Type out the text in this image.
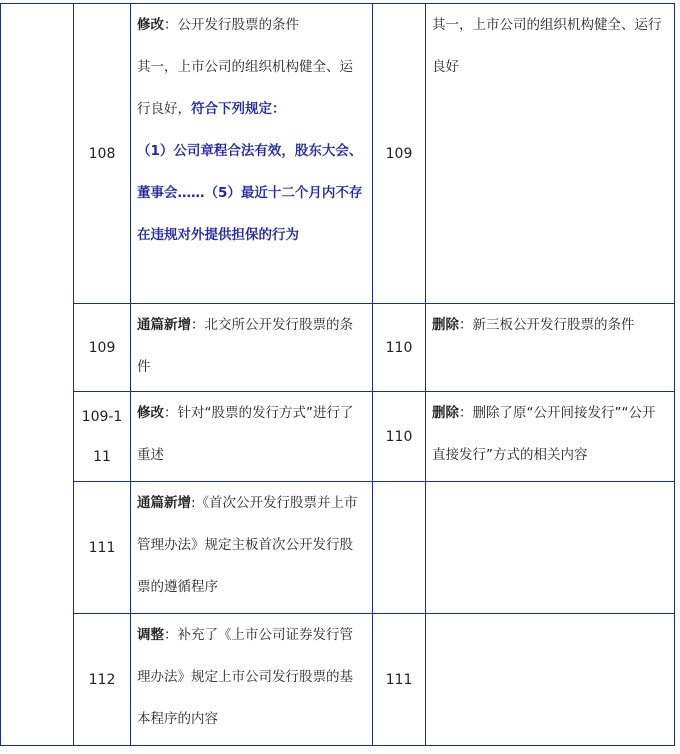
	108	修改：公开发行股票的条件
其一，上市公司的组织机构健全、运行良好，符合下列规定：
（1）公司章程合法有效，股东大会、董事会……（5）最近十二个月内不存在违规对外提供担保的行为	109	其一，上市公司的组织机构健全、运行良好
	109	通篇新增：北交所公开发行股票的条件	110	删除：新三板公开发行股票的条件
	109-111	修改：针对“股票的发行方式”进行了重述	110	删除：删除了原“公开间接发行”“公开直接发行”方式的相关内容
	111	通篇新增:《首次公开发行股票并上市管理办法》规定主板首次公开发行股票的遵循程序		
	112	调整：补充了《上市公司证券发行管理办法》规定上市公司发行股票的基本程序的内容	111	
